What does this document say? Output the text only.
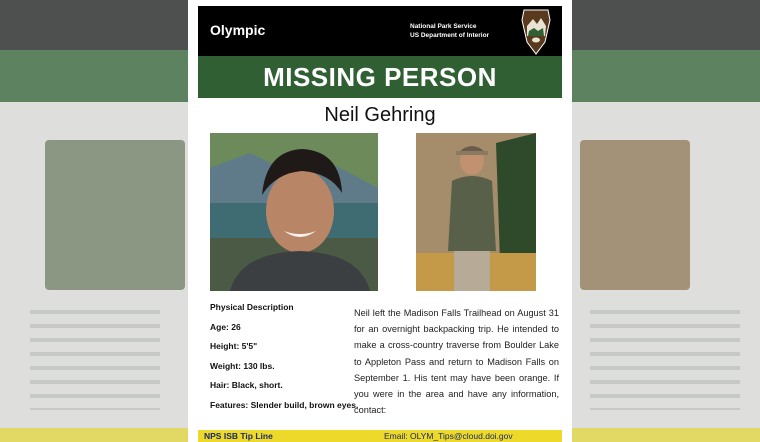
Olympic	National Park Service
US Department of Interior
MISSING PERSON
Neil Gehring
Physical Description
Age: 26
Height: 5'5"
Weight: 130 lbs.
Hair: Black, short.
Features: Slender build, brown eyes.
Neil left the Madison Falls Trailhead on August 31 for an overnight backpacking trip. He intended to make a cross-country traverse from Boulder Lake to Appleton Pass and return to Madison Falls on September 1. His tent may have been orange. If you were in the area and have any information, contact:
NPS ISB Tip Line	Email: OLYM_Tips@cloud.doi.gov
